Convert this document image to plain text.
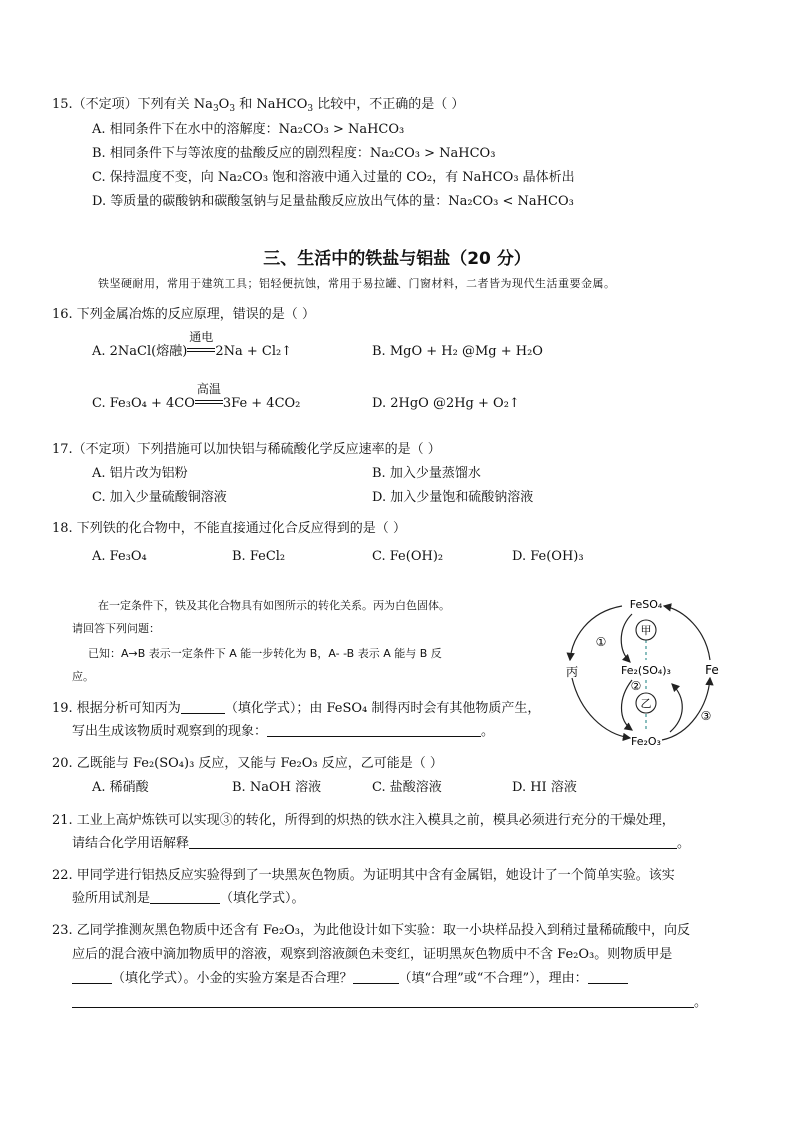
15.（不定项）下列有关 $Na_3O_3$ 和 NaHCO$_3$ 比较中，不正确的是（ ）
A. 相同条件下在水中的溶解度：Na₂CO₃ > NaHCO₃
B. 相同条件下与等浓度的盐酸反应的剧烈程度：Na₂CO₃ > NaHCO₃
C. 保持温度不变，向 Na₂CO₃ 饱和溶液中通入过量的 CO₂，有 NaHCO₃ 晶体析出
D. 等质量的碳酸钠和碳酸氢钠与足量盐酸反应放出气体的量：Na₂CO₃ < NaHCO₃
三、生活中的铁盐与铝盐（20 分）
铁坚硬耐用，常用于建筑工具；铝轻便抗蚀，常用于易拉罐、门窗材料，二者皆为现代生活重要金属。
16. 下列金属冶炼的反应原理，错误的是（ ）
A. 2NaCl(熔融)
通电
2Na + Cl₂↑	B. MgO + H₂ @Mg + H₂O
C. Fe₃O₄ + 4CO
高温
3Fe + 4CO₂	D. 2HgO @2Hg + O₂↑
17.（不定项）下列措施可以加快铝与稀硫酸化学反应速率的是（ ）
A. 铝片改为铝粉	B. 加入少量蒸馏水
C. 加入少量硫酸铜溶液	D. 加入少量饱和硫酸钠溶液
18. 下列铁的化合物中，不能直接通过化合反应得到的是（ ）
A. Fe₃O₄	B. FeCl₂	C. Fe(OH)₂	D. Fe(OH)₃
在一定条件下，铁及其化合物具有如图所示的转化关系。丙为白色固体。
请回答下列问题：
已知：A→B 表示一定条件下 A 能一步转化为 B，A- -B 表示 A 能与 B 反
应。
FeSO₄
甲
Fe₂(SO₄)₃
乙
Fe₂O₃
丙	Fe
①
②
③
19. 根据分析可知丙为	（填化学式）；由 FeSO₄ 制得丙时会有其他物质产生，
写出生成该物质时观察到的现象：	。
20. 乙既能与 Fe₂(SO₄)₃ 反应，又能与 Fe₂O₃ 反应，乙可能是（ ）
A. 稀硝酸	B. NaOH 溶液	C. 盐酸溶液	D. HI 溶液
21. 工业上高炉炼铁可以实现③的转化，所得到的炽热的铁水注入模具之前，模具必须进行充分的干燥处理，
请结合化学用语解释	。
22. 甲同学进行铝热反应实验得到了一块黑灰色物质。为证明其中含有金属铝，她设计了一个简单实验。该实
验所用试剂是	（填化学式）。
23. 乙同学推测灰黑色物质中还含有 Fe₂O₃，为此他设计如下实验：取一小块样品投入到稍过量稀硫酸中，向反
应后的混合液中滴加物质甲的溶液，观察到溶液颜色未变红，证明黑灰色物质中不含 Fe₂O₃。则物质甲是
（填化学式）。小金的实验方案是否合理？	（填“合理”或“不合理”），理由：
。
